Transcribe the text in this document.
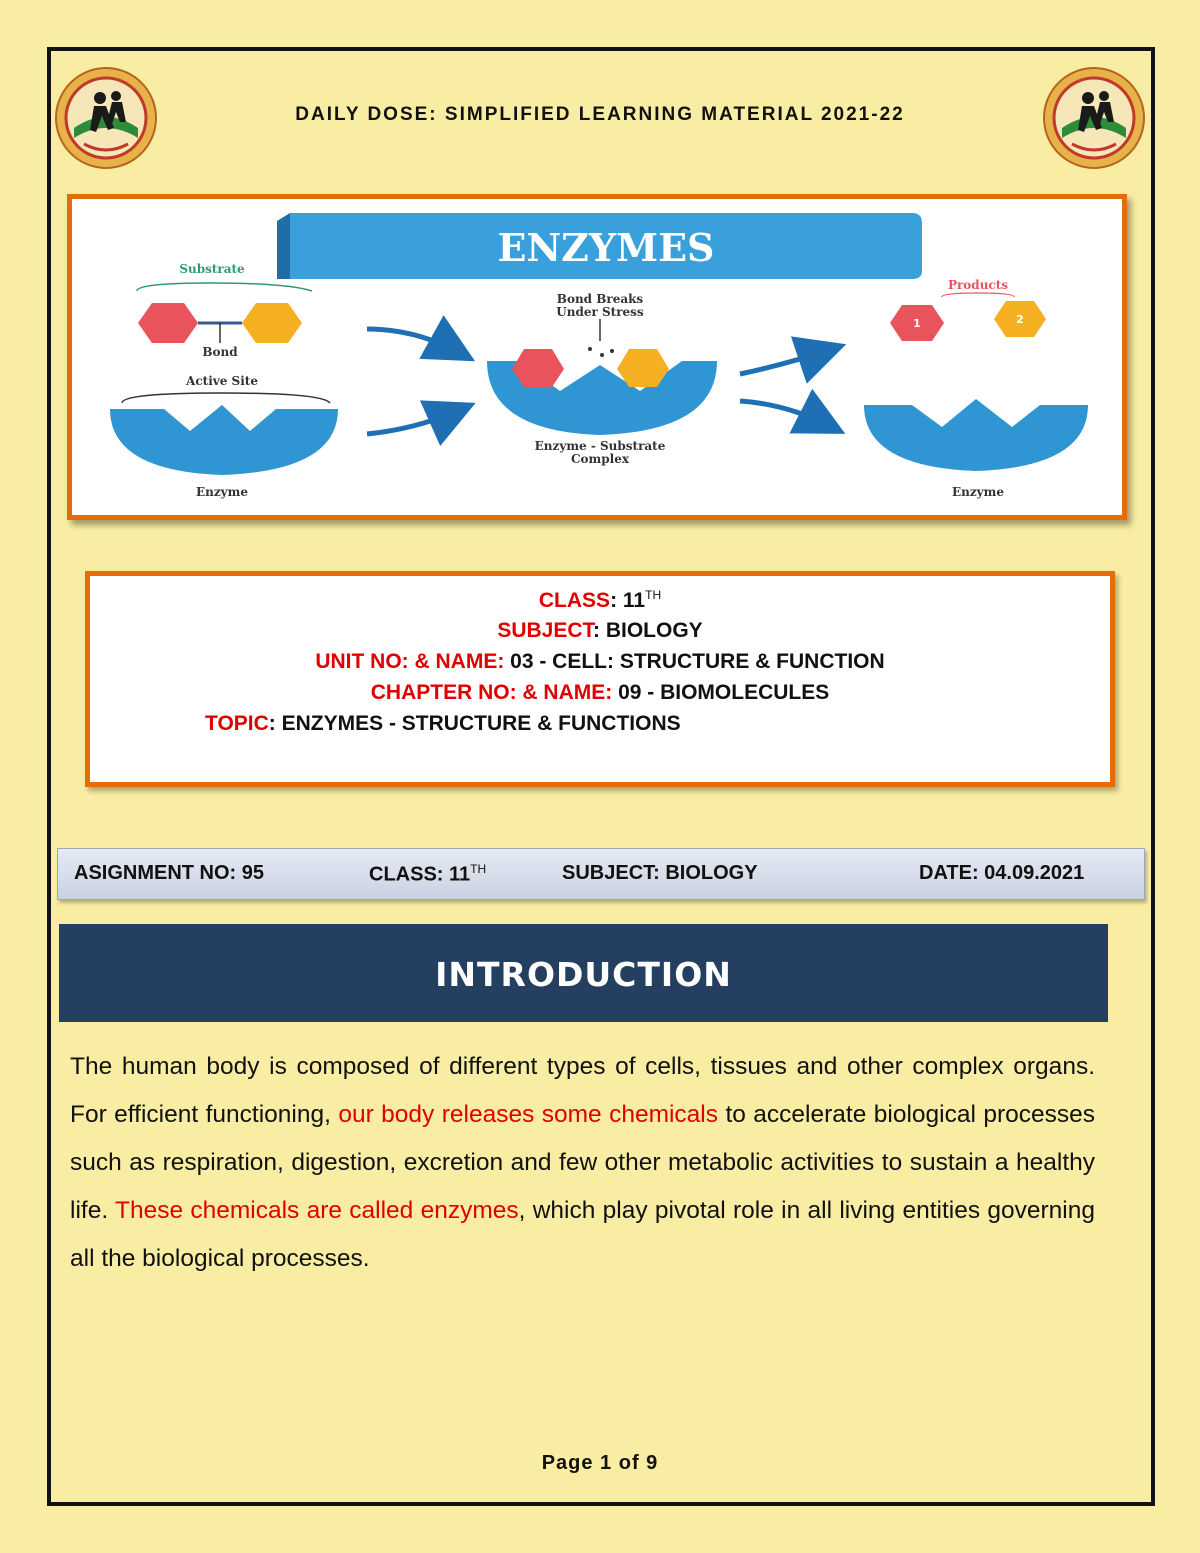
DAILY DOSE: SIMPLIFIED LEARNING MATERIAL 2021-22
ENZYMES
Substrate
Bond
Active Site
Enzyme
Bond Breaks
Under Stress
Enzyme - Substrate
Complex
Products
1	2
Enzyme
CLASS: 11TH
SUBJECT: BIOLOGY
UNIT NO: & NAME: 03 - CELL: STRUCTURE & FUNCTION
CHAPTER NO: & NAME: 09 - BIOMOLECULES
TOPIC: ENZYMES - STRUCTURE & FUNCTIONS
ASIGNMENT NO: 95	CLASS: 11TH	SUBJECT: BIOLOGY	DATE: 04.09.2021
INTRODUCTION

The human body is composed of different types of cells, tissues and other complex organs. For efficient functioning, our body releases some chemicals to accelerate biological processes such as respiration, digestion, excretion and few other metabolic activities to sustain a healthy life. These chemicals are called enzymes, which play pivotal role in all living entities governing all the biological processes.

Page 1 of 9
